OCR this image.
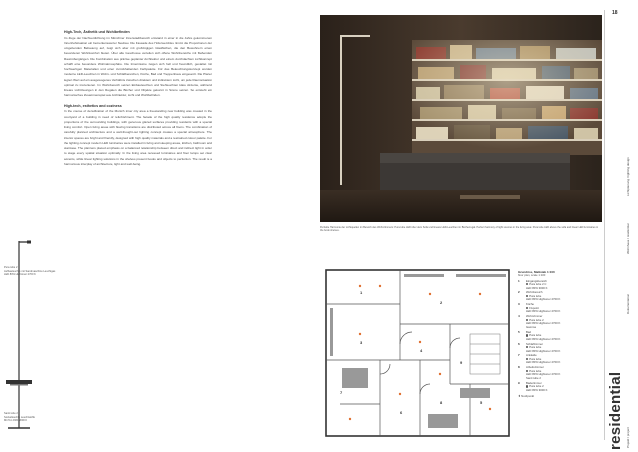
18
High-Tech, Ästhetik und Wohlbefinden

Im Zuge der Nachverdichtung im Münchner Innenstadtbereich entstand in einer in die Jahre gekommenen Innenhofsituation ein bemerkenswerter Neubau. Die Fassade des Hofensembles nimmt die Proportionen der umgebenden Bebauung auf, zeigt sich aber mit großzügigen Glasflächen, die den Bewohnern einen besonderen Wohnkomfort bieten. Über alle Geschosse verteilen sich offene Wohnbereiche mit fließenden Raumübergängen. Die Kombination aus präzise geplanter Architektur und einem durchdachten Lichtkonzept schafft eine besondere Wohnatmosphäre. Die Innenräume zeigen sich hell und freundlich, gestaltet mit hochwertigen Materialien und einer zurückhaltenden Farbpalette. Für das Beleuchtungskonzept wurden moderne LED-Leuchten in Wohn- und Schlafbereichen, Küche, Bad und Treppenhaus eingesetzt. Die Planer legten Wert auf ein ausgewogenes Verhältnis zwischen direktem und indirektem Licht, um jede Raumsituation optimal zu inszenieren. Im Wohnbereich setzen Einbauleuchten und Stehleuchten klare Akzente, während lineare Lichtlösungen in den Regalen die Bücher und Objekte gekonnt in Szene setzen. So entsteht ein harmonisches Zusammenspiel aus Architektur, Licht und Wohlbefinden.

High-tech, esthetics and coziness

In the course of densification of the Munich inner city area a freestanding new building was created in the courtyard of a building in need of refurbishment. The facade of the high quality residence adopts the proportions of the surrounding buildings, with generous glazed surfaces providing residents with a special living comfort. Open living areas with flowing transitions are distributed across all floors. The combination of carefully planned architecture and a well-thought-out lighting concept creates a special atmosphere. The interior spaces are bright and friendly, designed with high quality materials and a restrained colour palette. For the lighting concept modern LED luminaires were installed in living and sleeping areas, kitchen, bathroom and staircase. The planners placed emphasis on a balanced relationship between direct and indirect light in order to stage every spatial situation optimally. In the living area recessed luminaires and floor lamps set clear accents, while linear lighting solutions in the shelves present books and objects to perfection. The result is a harmonious interplay of architecture, light and well-being.

Pura tube 2
Aufbauleuchte mit Sandmaschine Leuchtgas
LED 80% Hightoner 2700 K
Santi tube 2
Sockelleuchte Leuchtstoffe
Mit Ton 93% 3000 K
Perfekte Harmonie der Lichtquellen im Bereich des Wohnzimmers: Pura tube LED über dem Sofa und lineare LED-Leuchten im Bücherregal. Perfect harmony of light sources in the living area: Pura tube LED above the sofa and linear LED luminaires in the book shelves.
1
2
3
4
5
6
7
8
9
Grundriss, Maßstab 1:100
floor plan, scale 1:100
1	Eingangsbereich
Pura tube 2 C
LED 80% 3000 K
2	Wohnbereich
Pura tube
LED 80% Hightoner 2700 K
3	Küche
Fixpoint
LED 80% Hightoner 2700 K
4	Wohnzimmer
Pura tube 2
LED 80% Hightoner 2700 K
Gamma
5	Bad
Pura tube
LED 80% Hightoner 2700 K
6	Schlafzimmer
Pura tube
LED 80% Hightoner 2700 K
7	Ankleide
Pura tube
LED 80% Hightoner 2700 K
8	Arbeitszimmer
Pura tube
LED 80% Hightoner 2700 K
Santi tube 2
9	Badezimmer
Pura tube 2
LED 80% 3000 K
⬆ Nordpunkt	residential Projekt / project
Dokumentation
Wohnhaus / residential
Lichtplanung / lighting design
